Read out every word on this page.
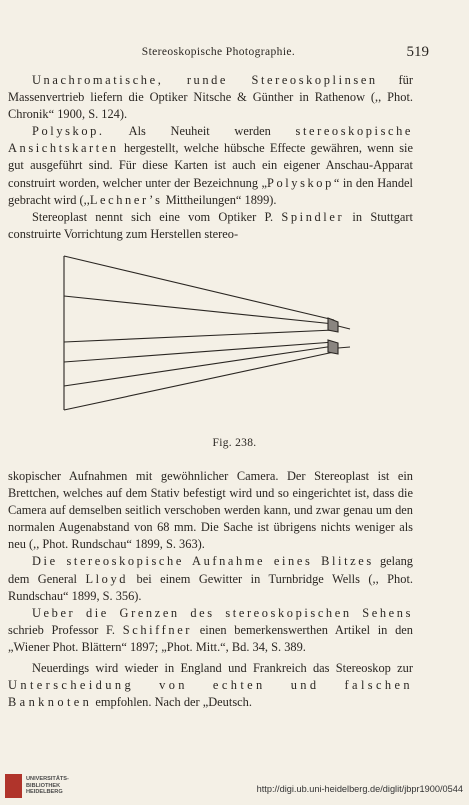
Stereoskopische Photographie.	519

Unachromatische, runde Stereoskoplinsen für Massenvertrieb liefern die Optiker Nitsche & Günther in Rathenow (,, Phot. Chronik“ 1900, S. 124).

Polyskop. Als Neuheit werden stereoskopische Ansichtskarten hergestellt, welche hübsche Effecte gewähren, wenn sie gut ausgeführt sind. Für diese Karten ist auch ein eigener Anschau-Apparat construirt worden, welcher unter der Bezeichnung „Polyskop“ in den Handel gebracht wird (,,Lechner’s Mittheilungen“ 1899).

Stereoplast nennt sich eine vom Optiker P. Spindler in Stuttgart construirte Vorrichtung zum Herstellen stereo-

Fig. 238.

skopischer Aufnahmen mit gewöhnlicher Camera. Der Stereoplast ist ein Brettchen, welches auf dem Stativ befestigt wird und so eingerichtet ist, dass die Camera auf demselben seitlich verschoben werden kann, und zwar genau um den normalen Augenabstand von 68 mm. Die Sache ist übrigens nichts weniger als neu (,, Phot. Rundschau“ 1899, S. 363).

Die stereoskopische Aufnahme eines Blitzes gelang dem General Lloyd bei einem Gewitter in Turnbridge Wells (,, Phot. Rundschau“ 1899, S. 356).

Ueber die Grenzen des stereoskopischen Sehens schrieb Professor F. Schiffner einen bemerkenswerthen Artikel in den „Wiener Phot. Blättern“ 1897; „Phot. Mitt.“, Bd. 34, S. 389.

Neuerdings wird wieder in England und Frankreich das Stereoskop zur Unterscheidung von echten und falschen Banknoten empfohlen. Nach der „Deutsch.

UNIVERSITÄTS-
BIBLIOTHEK
HEIDELBERG	http://digi.ub.uni-heidelberg.de/diglit/jbpr1900/0544
